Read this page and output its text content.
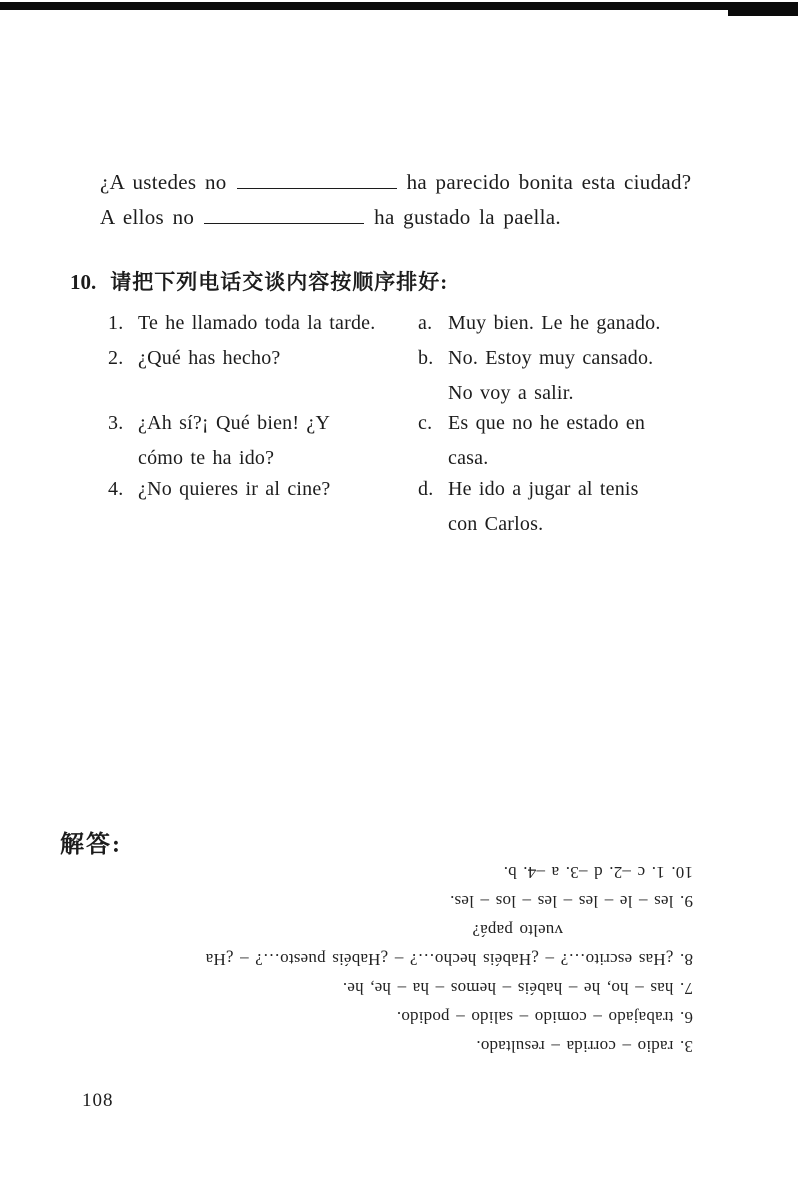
¿A ustedes no	ha parecido bonita esta ciudad?
A ellos no	ha gustado la paella.
10. 请把下列电话交谈内容按顺序排好:
1. Te he llamado toda la tarde.
2. ¿Qué has hecho?
3. ¿Ah sí?¡ Qué bien! ¿Y
cómo te ha ido?
4. ¿No quieres ir al cine?
a. Muy bien. Le he ganado.
b. No. Estoy muy cansado.
No voy a salir.
c. Es que no he estado en
casa.
d. He ido a jugar al tenis
con Carlos.
解答:
3. radio – corrida – resultado.
6. trabajado – comido – salido – podido.
7. has – ho, he – habéis – hemos – ha – he, he.
8. ¿Has escrito…? – ¿Habéis hecho…? – ¿Habéis puesto…? – ¿Ha
vuelto papá?
9. les – le – les – les – los – les.
10. 1. c –2. d –3. a –4. b.
108
